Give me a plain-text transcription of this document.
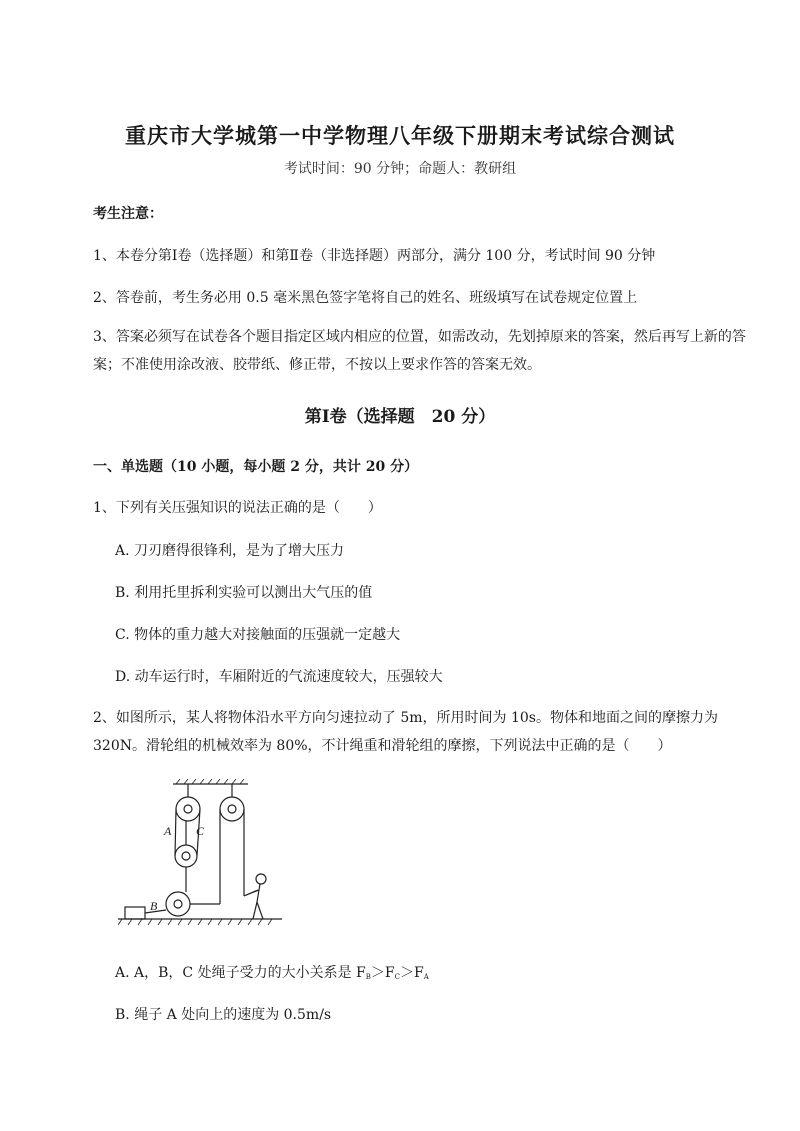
重庆市大学城第一中学物理八年级下册期末考试综合测试
考试时间：90 分钟；命题人：教研组
考生注意：
1、本卷分第Ⅰ卷（选择题）和第Ⅱ卷（非选择题）两部分，满分 100 分，考试时间 90 分钟
2、答卷前，考生务必用 0.5 毫米黑色签字笔将自己的姓名、班级填写在试卷规定位置上
3、答案必须写在试卷各个题目指定区域内相应的位置，如需改动，先划掉原来的答案，然后再写上新的答案；不准使用涂改液、胶带纸、修正带，不按以上要求作答的答案无效。
第Ⅰ卷（选择题　20 分）
一、单选题（10 小题，每小题 2 分，共计 20 分）
1、下列有关压强知识的说法正确的是（　　）
A. 刀刃磨得很锋利，是为了增大压力
B. 利用托里拆利实验可以测出大气压的值
C. 物体的重力越大对接触面的压强就一定越大
D. 动车运行时，车厢附近的气流速度较大，压强较大
2、如图所示，某人将物体沿水平方向匀速拉动了 5m，所用时间为 10s。物体和地面之间的摩擦力为 320N。滑轮组的机械效率为 80%，不计绳重和滑轮组的摩擦，下列说法中正确的是（　　）
A C
B
A. A，B，C 处绳子受力的大小关系是 $F_B>F_C>F_A$
B. 绳子 A 处向上的速度为 0.5m/s
